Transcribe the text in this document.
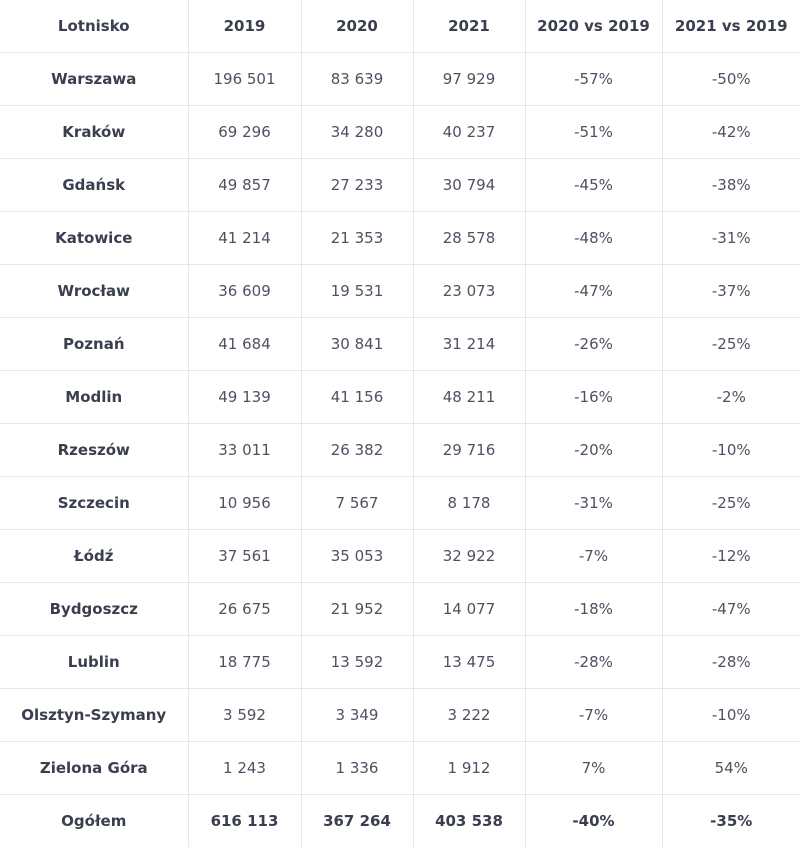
Lotnisko	2019	2020	2021	2020 vs 2019	2021 vs 2019
Warszawa	196 501	83 639	97 929	-57%	-50%
Kraków	69 296	34 280	40 237	-51%	-42%
Gdańsk	49 857	27 233	30 794	-45%	-38%
Katowice	41 214	21 353	28 578	-48%	-31%
Wrocław	36 609	19 531	23 073	-47%	-37%
Poznań	41 684	30 841	31 214	-26%	-25%
Modlin	49 139	41 156	48 211	-16%	-2%
Rzeszów	33 011	26 382	29 716	-20%	-10%
Szczecin	10 956	7 567	8 178	-31%	-25%
Łódź	37 561	35 053	32 922	-7%	-12%
Bydgoszcz	26 675	21 952	14 077	-18%	-47%
Lublin	18 775	13 592	13 475	-28%	-28%
Olsztyn-Szymany	3 592	3 349	3 222	-7%	-10%
Zielona Góra	1 243	1 336	1 912	7%	54%
Ogółem	616 113	367 264	403 538	-40%	-35%
